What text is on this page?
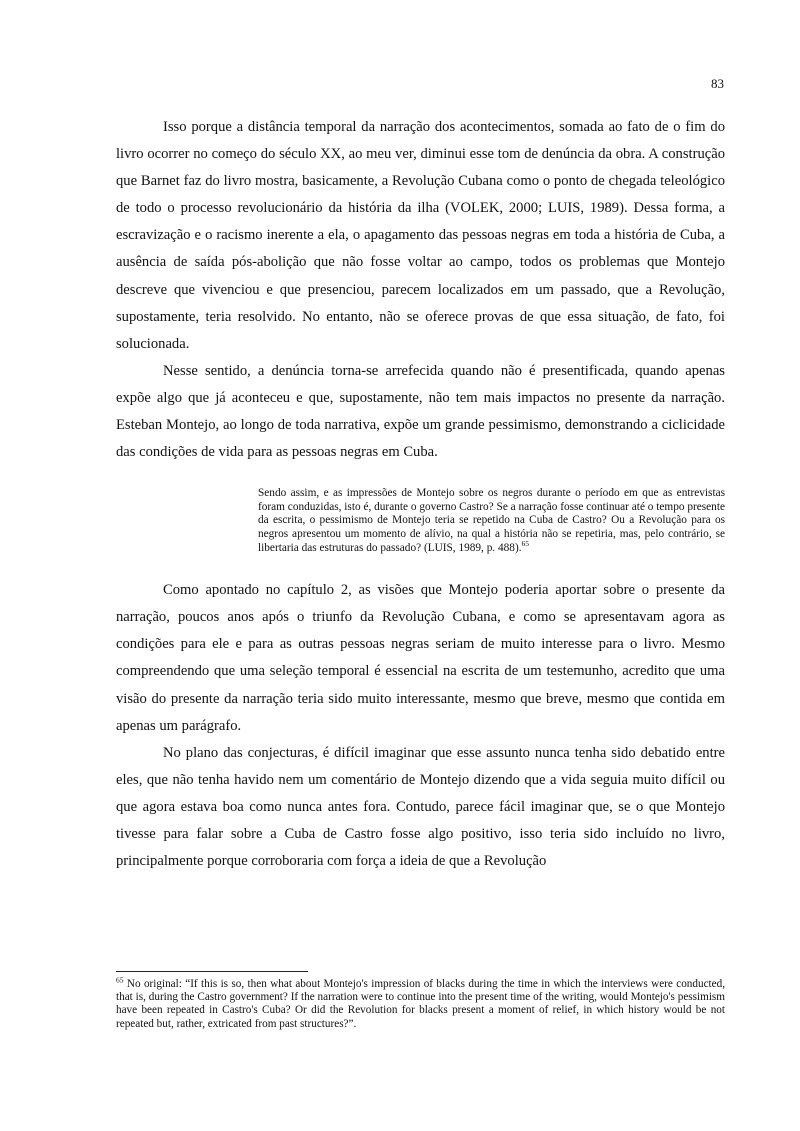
83

Isso porque a distância temporal da narração dos acontecimentos, somada ao fato de o fim do livro ocorrer no começo do século XX, ao meu ver, diminui esse tom de denúncia da obra. A construção que Barnet faz do livro mostra, basicamente, a Revolução Cubana como o ponto de chegada teleológico de todo o processo revolucionário da história da ilha (VOLEK, 2000; LUIS, 1989). Dessa forma, a escravização e o racismo inerente a ela, o apagamento das pessoas negras em toda a história de Cuba, a ausência de saída pós-abolição que não fosse voltar ao campo, todos os problemas que Montejo descreve que vivenciou e que presenciou, parecem localizados em um passado, que a Revolução, supostamente, teria resolvido. No entanto, não se oferece provas de que essa situação, de fato, foi solucionada.

Nesse sentido, a denúncia torna-se arrefecida quando não é presentificada, quando apenas expõe algo que já aconteceu e que, supostamente, não tem mais impactos no presente da narração. Esteban Montejo, ao longo de toda narrativa, expõe um grande pessimismo, demonstrando a ciclicidade das condições de vida para as pessoas negras em Cuba.

Sendo assim, e as impressões de Montejo sobre os negros durante o período em que as entrevistas foram conduzidas, isto é, durante o governo Castro? Se a narração fosse continuar até o tempo presente da escrita, o pessimismo de Montejo teria se repetido na Cuba de Castro? Ou a Revolução para os negros apresentou um momento de alívio, na qual a história não se repetiria, mas, pelo contrário, se libertaria das estruturas do passado? (LUIS, 1989, p. 488).$^{65}$

Como apontado no capítulo 2, as visões que Montejo poderia aportar sobre o presente da narração, poucos anos após o triunfo da Revolução Cubana, e como se apresentavam agora as condições para ele e para as outras pessoas negras seriam de muito interesse para o livro. Mesmo compreendendo que uma seleção temporal é essencial na escrita de um testemunho, acredito que uma visão do presente da narração teria sido muito interessante, mesmo que breve, mesmo que contida em apenas um parágrafo.

No plano das conjecturas, é difícil imaginar que esse assunto nunca tenha sido debatido entre eles, que não tenha havido nem um comentário de Montejo dizendo que a vida seguia muito difícil ou que agora estava boa como nunca antes fora. Contudo, parece fácil imaginar que, se o que Montejo tivesse para falar sobre a Cuba de Castro fosse algo positivo, isso teria sido incluído no livro, principalmente porque corroboraria com força a ideia de que a Revolução

$^{65}$ No original: “If this is so, then what about Montejo's impression of blacks during the time in which the interviews were conducted, that is, during the Castro government? If the narration were to continue into the present time of the writing, would Montejo's pessimism have been repeated in Castro's Cuba? Or did the Revolution for blacks present a moment of relief, in which history would be not repeated but, rather, extricated from past structures?”.
